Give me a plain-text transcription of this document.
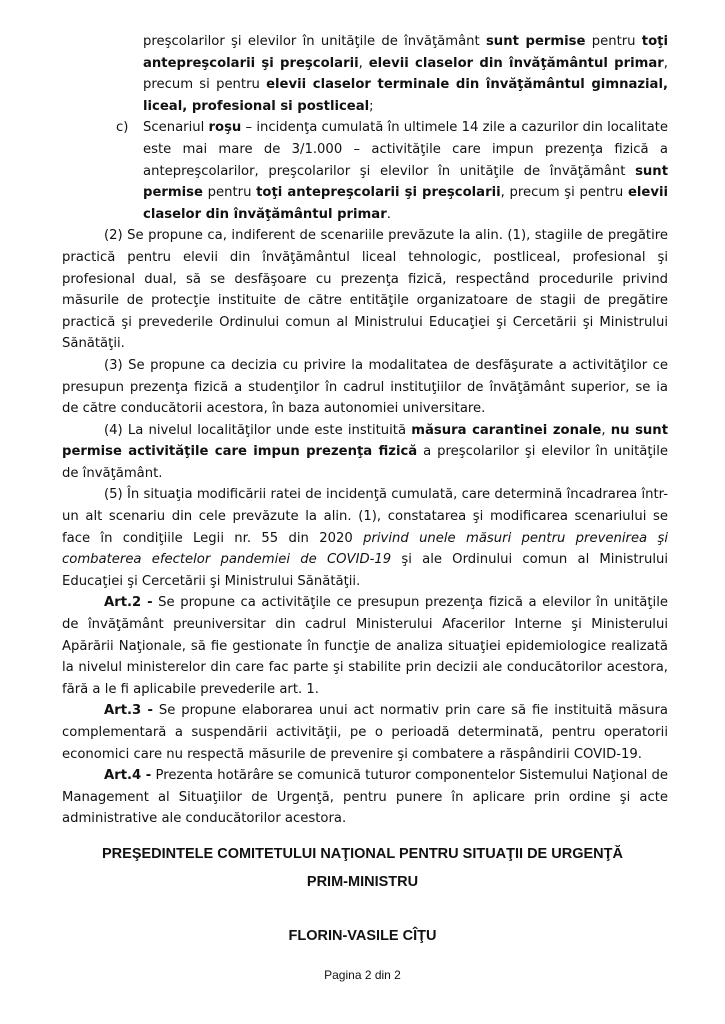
preşcolarilor şi elevilor în unităţile de învăţământ sunt permise pentru toţi antepreşcolarii şi preşcolarii, elevii claselor din învăţământul primar, precum si pentru elevii claselor terminale din învăţământul gimnazial, liceal, profesional si postliceal;

c)	Scenariul roşu – incidenţa cumulată în ultimele 14 zile a cazurilor din localitate este mai mare de 3/1.000 – activităţile care impun prezenţa fizică a antepreşcolarilor, preşcolarilor şi elevilor în unităţile de învăţământ sunt permise pentru toţi antepreşcolarii şi preşcolarii, precum şi pentru elevii claselor din învăţământul primar.

(2) Se propune ca, indiferent de scenariile prevăzute la alin. (1), stagiile de pregătire practică pentru elevii din învăţământul liceal tehnologic, postliceal, profesional şi profesional dual, să se desfăşoare cu prezenţa fizică, respectând procedurile privind măsurile de protecţie instituite de către entităţile organizatoare de stagii de pregătire practică şi prevederile Ordinului comun al Ministrului Educaţiei şi Cercetării şi Ministrului Sănătăţii.

(3) Se propune ca decizia cu privire la modalitatea de desfăşurate a activităţilor ce presupun prezenţa fizică a studenţilor în cadrul instituţiilor de învăţământ superior, se ia de către conducătorii acestora, în baza autonomiei universitare.

(4) La nivelul localităţilor unde este instituită măsura carantinei zonale, nu sunt permise activităţile care impun prezenţa fizică a preşcolarilor şi elevilor în unităţile de învăţământ.

(5) În situaţia modificării ratei de incidenţă cumulată, care determină încadrarea într-un alt scenariu din cele prevăzute la alin. (1), constatarea şi modificarea scenariului se face în condiţiile Legii nr. 55 din 2020 privind unele măsuri pentru prevenirea şi combaterea efectelor pandemiei de COVID-19 şi ale Ordinului comun al Ministrului Educaţiei şi Cercetării şi Ministrului Sănătăţii.

Art.2 - Se propune ca activităţile ce presupun prezenţa fizică a elevilor în unităţile de învăţământ preuniversitar din cadrul Ministerului Afacerilor Interne şi Ministerului Apărării Naţionale, să fie gestionate în funcţie de analiza situaţiei epidemiologice realizată la nivelul ministerelor din care fac parte şi stabilite prin decizii ale conducătorilor acestora, fără a le fi aplicabile prevederile art. 1.

Art.3 - Se propune elaborarea unui act normativ prin care să fie instituită măsura complementară a suspendării activităţii, pe o perioadă determinată, pentru operatorii economici care nu respectă măsurile de prevenire şi combatere a răspândirii COVID-19.

Art.4 - Prezenta hotărâre se comunică tuturor componentelor Sistemului Naţional de Management al Situaţiilor de Urgenţă, pentru punere în aplicare prin ordine şi acte administrative ale conducătorilor acestora.

PREŞEDINTELE COMITETULUI NAŢIONAL PENTRU SITUAŢII DE URGENŢĂ
PRIM-MINISTRU
FLORIN-VASILE CÎŢU
Pagina 2 din 2
